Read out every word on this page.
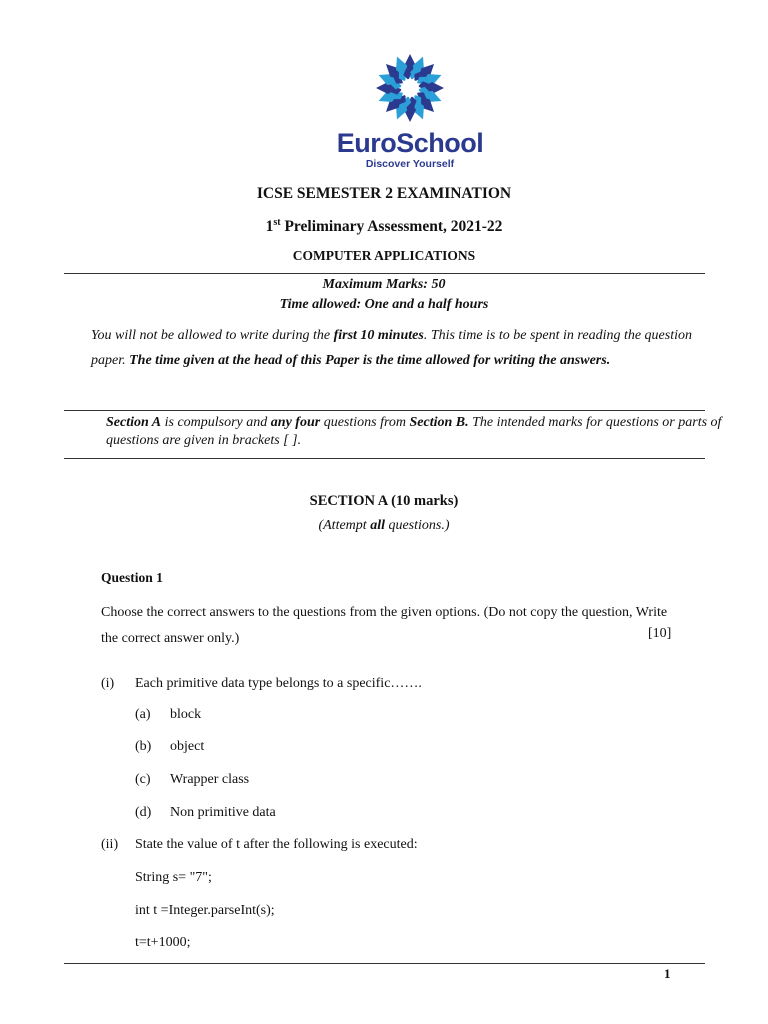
EuroSchool
Discover Yourself
ICSE SEMESTER 2 EXAMINATION
1st Preliminary Assessment, 2021-22
COMPUTER APPLICATIONS
Maximum Marks: 50
Time allowed: One and a half hours
You will not be allowed to write during the first 10 minutes. This time is to be spent in reading the question paper. The time given at the head of this Paper is the time allowed for writing the answers.
Section A is compulsory and any four questions from Section B. The intended marks for questions or parts of questions are given in brackets [ ].
SECTION A (10 marks)
(Attempt all questions.)
Question 1
Choose the correct answers to the questions from the given options. (Do not copy the question, Write the correct answer only.)	[10]
(i) Each primitive data type belongs to a specific…….
(a) block
(b) object
(c) Wrapper class
(d) Non primitive data
(ii) State the value of t after the following is executed:
String s= "7";
int t =Integer.parseInt(s);
t=t+1000;
1
